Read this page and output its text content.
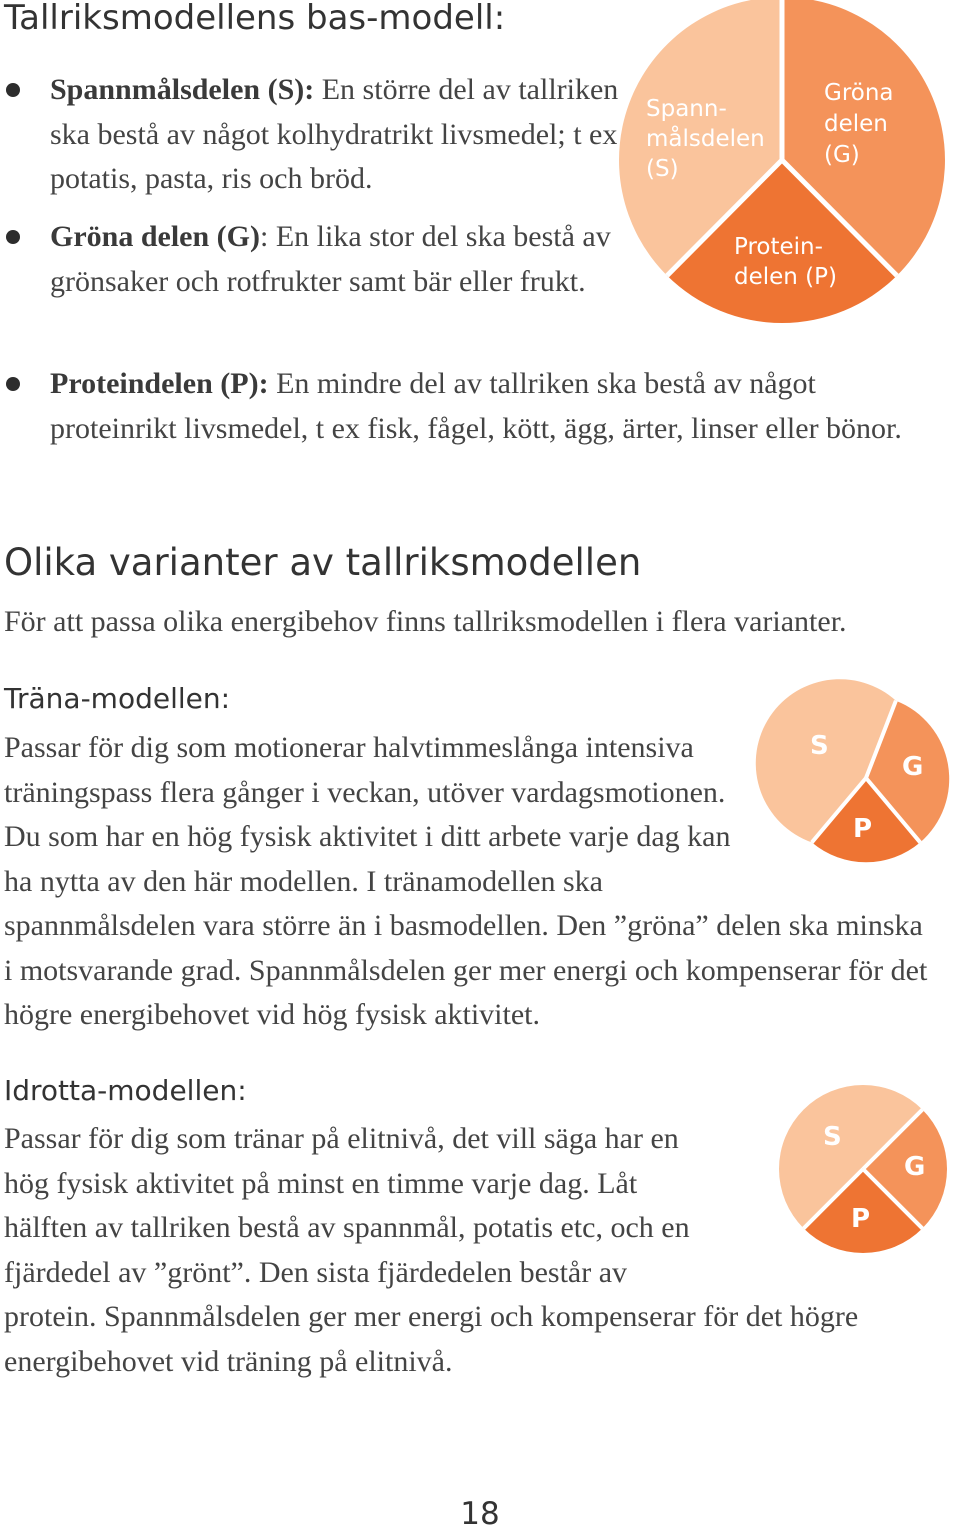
Tallriksmodellens bas-modell:

Spannmålsdelen (S): En större del av tallriken ska bestå av något kolhydratrikt livsmedel; t ex potatis, pasta, ris och bröd.

Gröna delen (G): En lika stor del ska bestå av grönsaker och rotfrukter samt bär eller frukt.

Proteindelen (P): En mindre del av tallriken ska bestå av något proteinrikt livsmedel, t ex fisk, fågel, kött, ägg, ärter, linser eller bönor.

Spann-
målsdelen
(S)
Gröna
delen
(G)
Protein-
delen (P)
Olika varianter av tallriksmodellen

För att passa olika energibehov finns tallriksmodellen i flera varianter.

Träna-modellen:

Passar för dig som motionerar halvtimmeslånga intensiva träningspass flera gånger i veckan, utöver vardagsmotionen. Du som har en hög fysisk aktivitet i ditt arbete varje dag kan ha nytta av den här modellen. I tränamodellen ska spannmålsdelen vara större än i basmodellen. Den ”gröna” delen ska minska i motsvarande grad. Spannmålsdelen ger mer energi och kompenserar för det högre energibehovet vid hög fysisk aktivitet.

S
G
P
Idrotta-modellen:

Passar för dig som tränar på elitnivå, det vill säga har en hög fysisk aktivitet på minst en timme varje dag. Låt hälften av tallriken bestå av spannmål, potatis etc, och en fjärdedel av ”grönt”. Den sista fjärdedelen består av protein. Spannmålsdelen ger mer energi och kompenserar för det högre energibehovet vid träning på elitnivå.

S
G
P
18
